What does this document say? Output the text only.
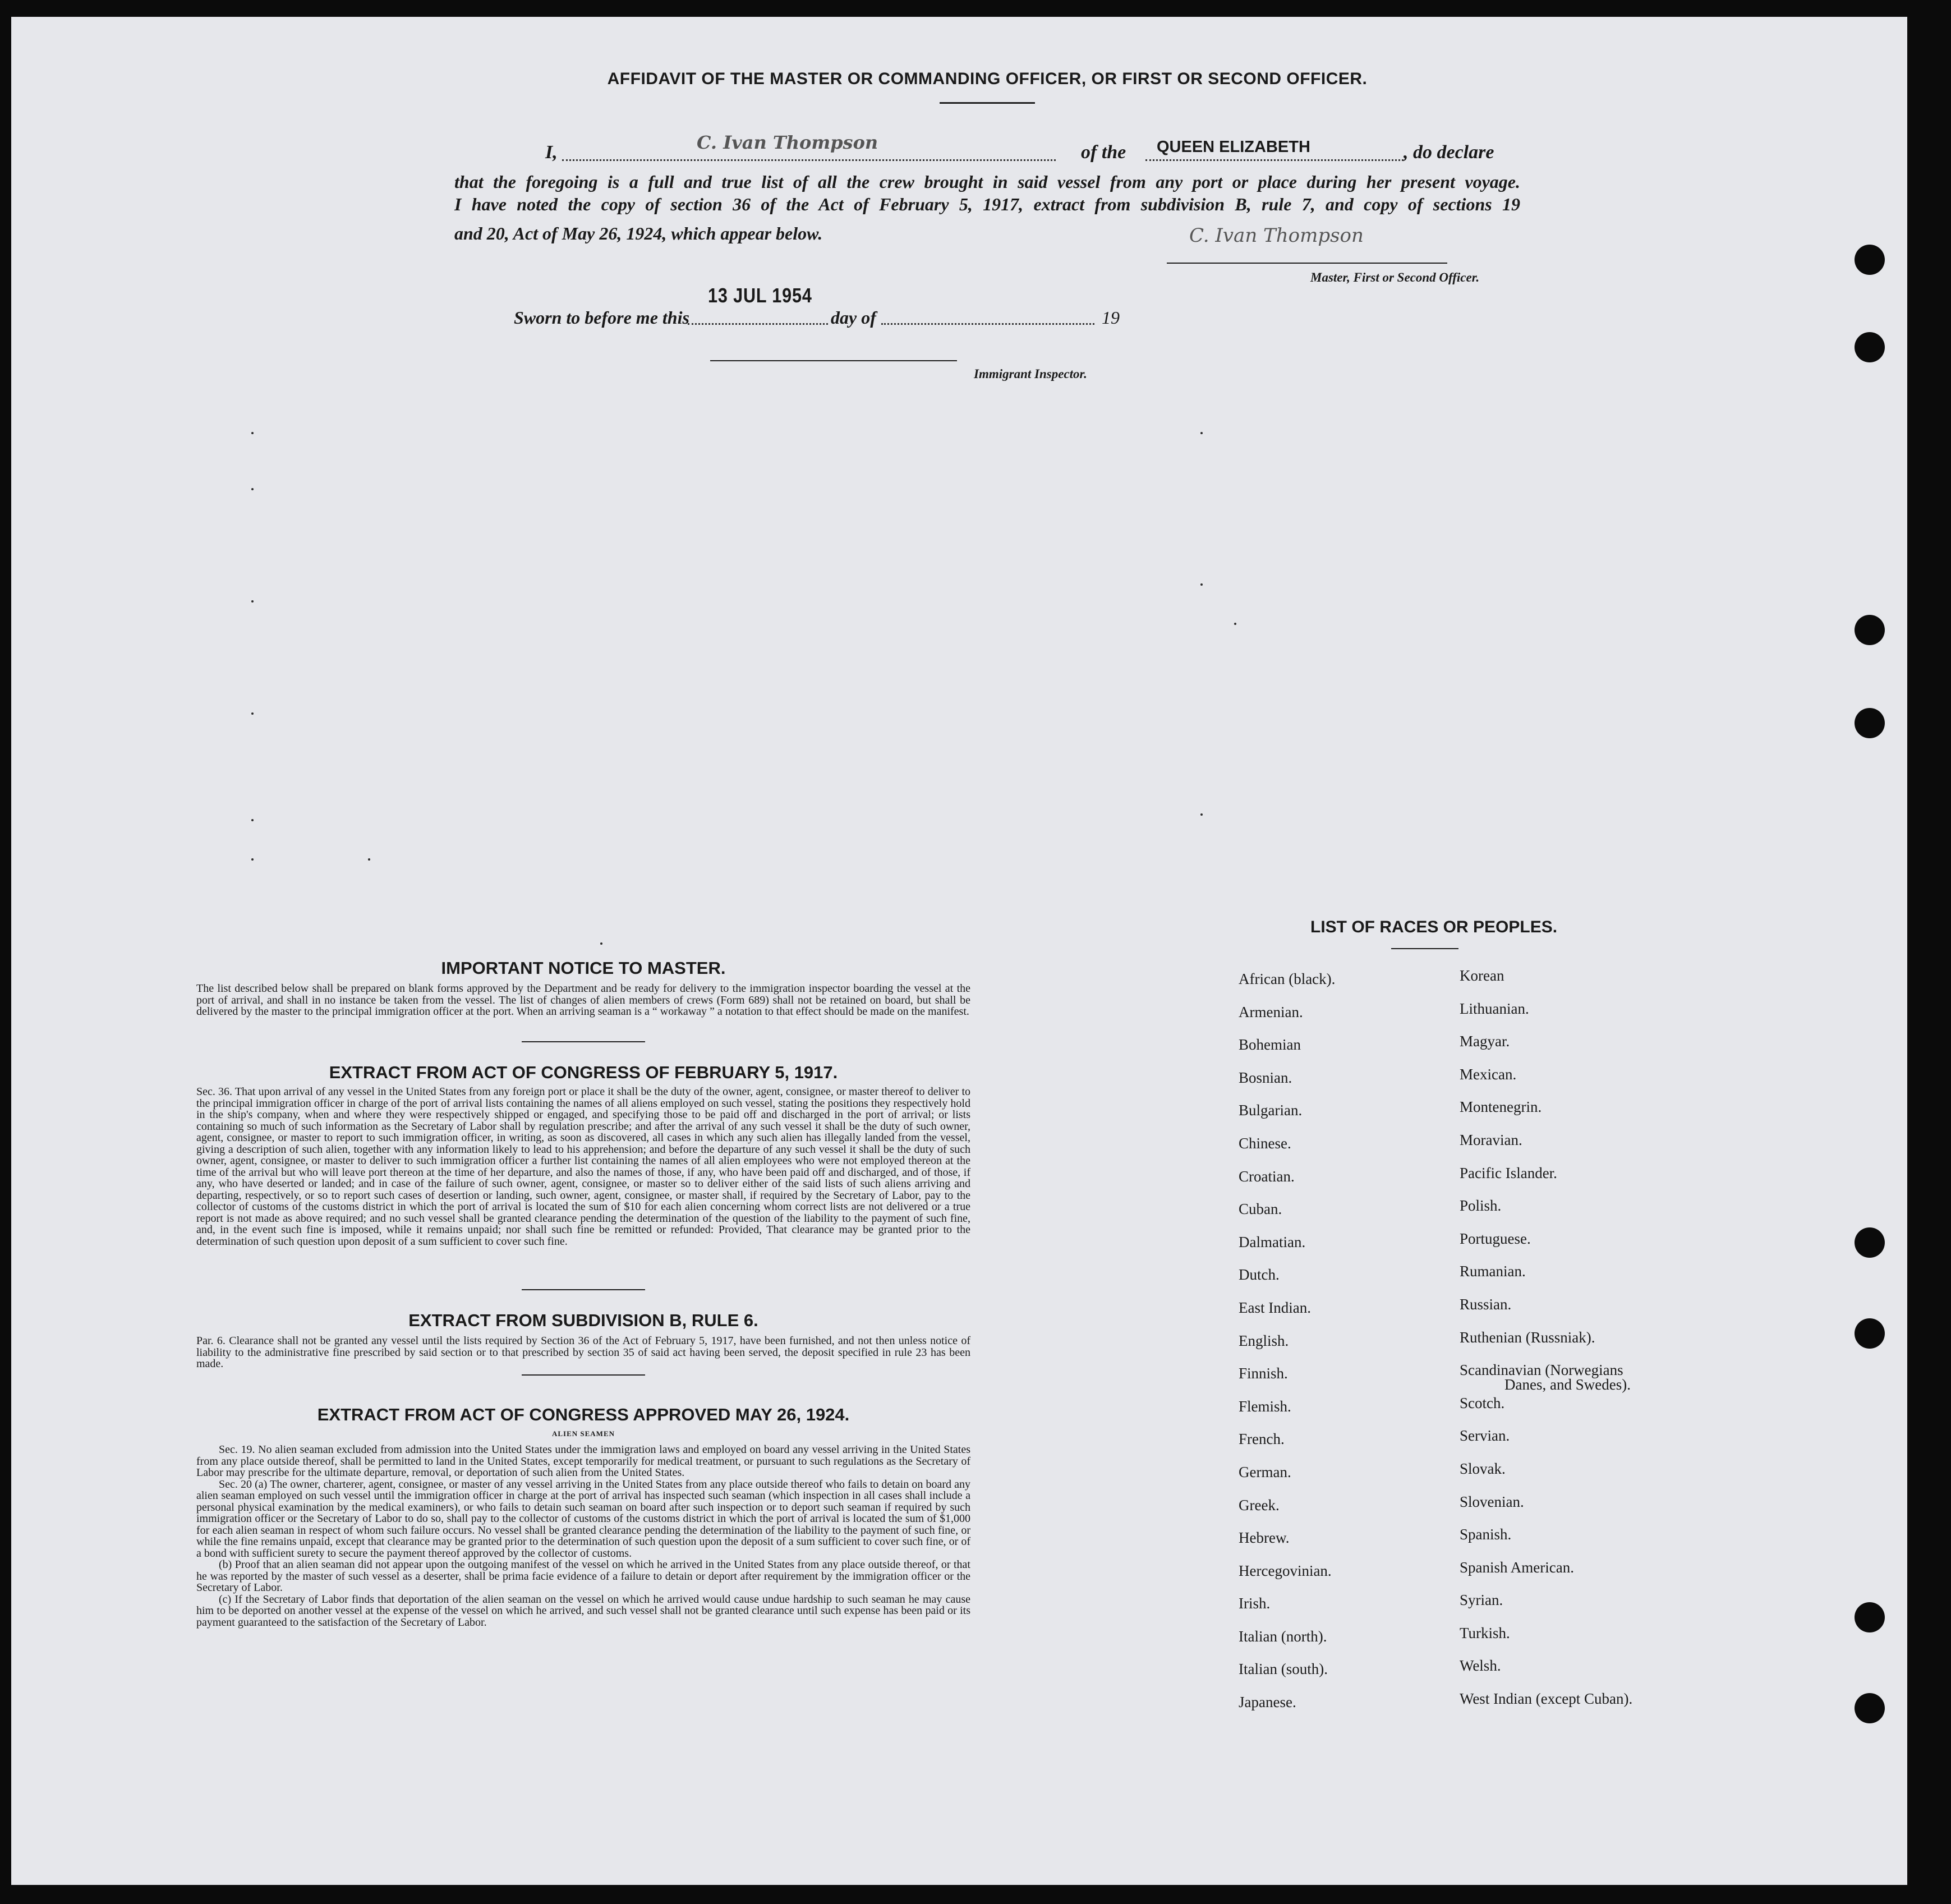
AFFIDAVIT OF THE MASTER OR COMMANDING OFFICER, OR FIRST OR SECOND OFFICER.
I,	C. Ivan Thompson	of the QUEEN ELIZABETH	, do declare
that the foregoing is a full and true list of all the crew brought in said vessel from any port or place during her present voyage.
I have noted the copy of section 36 of the Act of February 5, 1917, extract from subdivision B, rule 7, and copy of sections 19
and 20, Act of May 26, 1924, which appear below.	C. Ivan Thompson
Master, First or Second Officer.
13 JUL 1954
Sworn to before me this	day of	19
Immigrant Inspector.
IMPORTANT NOTICE TO MASTER.
The list described below shall be prepared on blank forms approved by the Department and be ready for delivery to the immigration inspector boarding the vessel at the port of arrival, and shall in no instance be taken from the vessel. The list of changes of alien members of crews (Form 689) shall not be retained on board, but shall be delivered by the master to the principal immigration officer at the port. When an arriving seaman is a “ workaway ” a notation to that effect should be made on the manifest.
EXTRACT FROM ACT OF CONGRESS OF FEBRUARY 5, 1917.
Sec. 36. That upon arrival of any vessel in the United States from any foreign port or place it shall be the duty of the owner, agent, consignee, or master thereof to deliver to the principal immigration officer in charge of the port of arrival lists containing the names of all aliens employed on such vessel, stating the positions they respectively hold in the ship's company, when and where they were respectively shipped or engaged, and specifying those to be paid off and discharged in the port of arrival; or lists containing so much of such information as the Secretary of Labor shall by regulation prescribe; and after the arrival of any such vessel it shall be the duty of such owner, agent, consignee, or master to report to such immigration officer, in writing, as soon as discovered, all cases in which any such alien has illegally landed from the vessel, giving a description of such alien, together with any information likely to lead to his apprehension; and before the departure of any such vessel it shall be the duty of such owner, agent, consignee, or master to deliver to such immigration officer a further list containing the names of all alien employees who were not employed thereon at the time of the arrival but who will leave port thereon at the time of her departure, and also the names of those, if any, who have been paid off and discharged, and of those, if any, who have deserted or landed; and in case of the failure of such owner, agent, consignee, or master so to deliver either of the said lists of such aliens arriving and departing, respectively, or so to report such cases of desertion or landing, such owner, agent, consignee, or master shall, if required by the Secretary of Labor, pay to the collector of customs of the customs district in which the port of arrival is located the sum of $10 for each alien concerning whom correct lists are not delivered or a true report is not made as above required; and no such vessel shall be granted clearance pending the determination of the question of the liability to the payment of such fine, and, in the event such fine is imposed, while it remains unpaid; nor shall such fine be remitted or refunded: Provided, That clearance may be granted prior to the determination of such question upon deposit of a sum sufficient to cover such fine.
EXTRACT FROM SUBDIVISION B, RULE 6.
Par. 6. Clearance shall not be granted any vessel until the lists required by Section 36 of the Act of February 5, 1917, have been furnished, and not then unless notice of liability to the administrative fine prescribed by said section or to that prescribed by section 35 of said act having been served, the deposit specified in rule 23 has been made.
EXTRACT FROM ACT OF CONGRESS APPROVED MAY 26, 1924.
ALIEN SEAMEN
Sec. 19. No alien seaman excluded from admission into the United States under the immigration laws and employed on board any vessel arriving in the United States from any place outside thereof, shall be permitted to land in the United States, except temporarily for medical treatment, or pursuant to such regulations as the Secretary of Labor may prescribe for the ultimate departure, removal, or deportation of such alien from the United States.
Sec. 20 (a) The owner, charterer, agent, consignee, or master of any vessel arriving in the United States from any place outside thereof who fails to detain on board any alien seaman employed on such vessel until the immigration officer in charge at the port of arrival has inspected such seaman (which inspection in all cases shall include a personal physical examination by the medical examiners), or who fails to detain such seaman on board after such inspection or to deport such seaman if required by such immigration officer or the Secretary of Labor to do so, shall pay to the collector of customs of the customs district in which the port of arrival is located the sum of $1,000 for each alien seaman in respect of whom such failure occurs. No vessel shall be granted clearance pending the determination of the liability to the payment of such fine, or while the fine remains unpaid, except that clearance may be granted prior to the determination of such question upon the deposit of a sum sufficient to cover such fine, or of a bond with sufficient surety to secure the payment thereof approved by the collector of customs.
(b) Proof that an alien seaman did not appear upon the outgoing manifest of the vessel on which he arrived in the United States from any place outside thereof, or that he was reported by the master of such vessel as a deserter, shall be prima facie evidence of a failure to detain or deport after requirement by the immigration officer or the Secretary of Labor.
(c) If the Secretary of Labor finds that deportation of the alien seaman on the vessel on which he arrived would cause undue hardship to such seaman he may cause him to be deported on another vessel at the expense of the vessel on which he arrived, and such vessel shall not be granted clearance until such expense has been paid or its payment guaranteed to the satisfaction of the Secretary of Labor.
LIST OF RACES OR PEOPLES.
African (black).
Armenian.
Bohemian
Bosnian.
Bulgarian.
Chinese.
Croatian.
Cuban.
Dalmatian.
Dutch.
East Indian.
English.
Finnish.
Flemish.
French.
German.
Greek.
Hebrew.
Hercegovinian.
Irish.
Italian (north).
Italian (south).
Japanese.
Korean
Lithuanian.
Magyar.
Mexican.
Montenegrin.
Moravian.
Pacific Islander.
Polish.
Portuguese.
Rumanian.
Russian.
Ruthenian (Russniak).
Scandinavian (Norwegians
Danes, and Swedes).
Scotch.
Servian.
Slovak.
Slovenian.
Spanish.
Spanish American.
Syrian.
Turkish.
Welsh.
West Indian (except Cuban).
